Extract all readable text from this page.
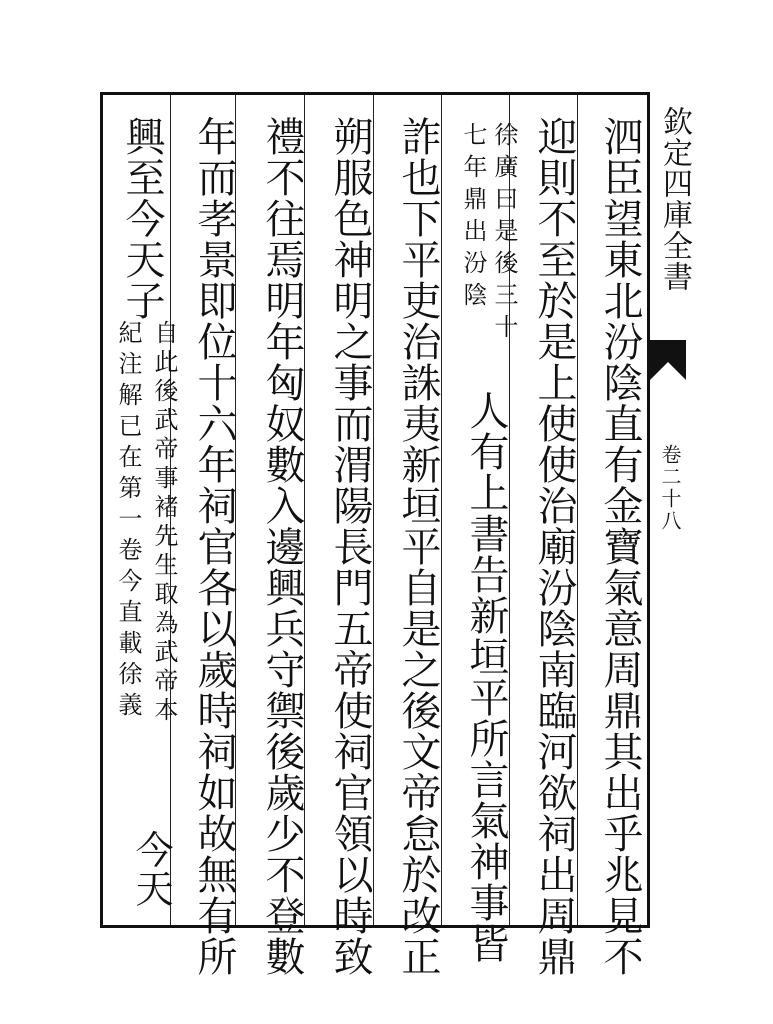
欽定四庫全書
卷二十八
泗臣望東北汾陰直有金寶氣意周鼎其出乎兆見不
迎則不至於是上使使治廟汾陰南臨河欲祠出周鼎
徐廣曰是後三十
七年鼎出汾陰
人有上書告新垣平所言氣神事皆
詐也下平吏治誅夷新垣平自是之後文帝怠於改正
朔服色神明之事而渭陽長門五帝使祠官領以時致
禮不往焉明年匈奴數入邊興兵守禦後歲少不登數
年而孝景即位十六年祠官各以歲時祠如故無有所
興至今天子
自此後武帝事褚先生取為武帝本
紀注解已在第一卷今直載徐義
今天
